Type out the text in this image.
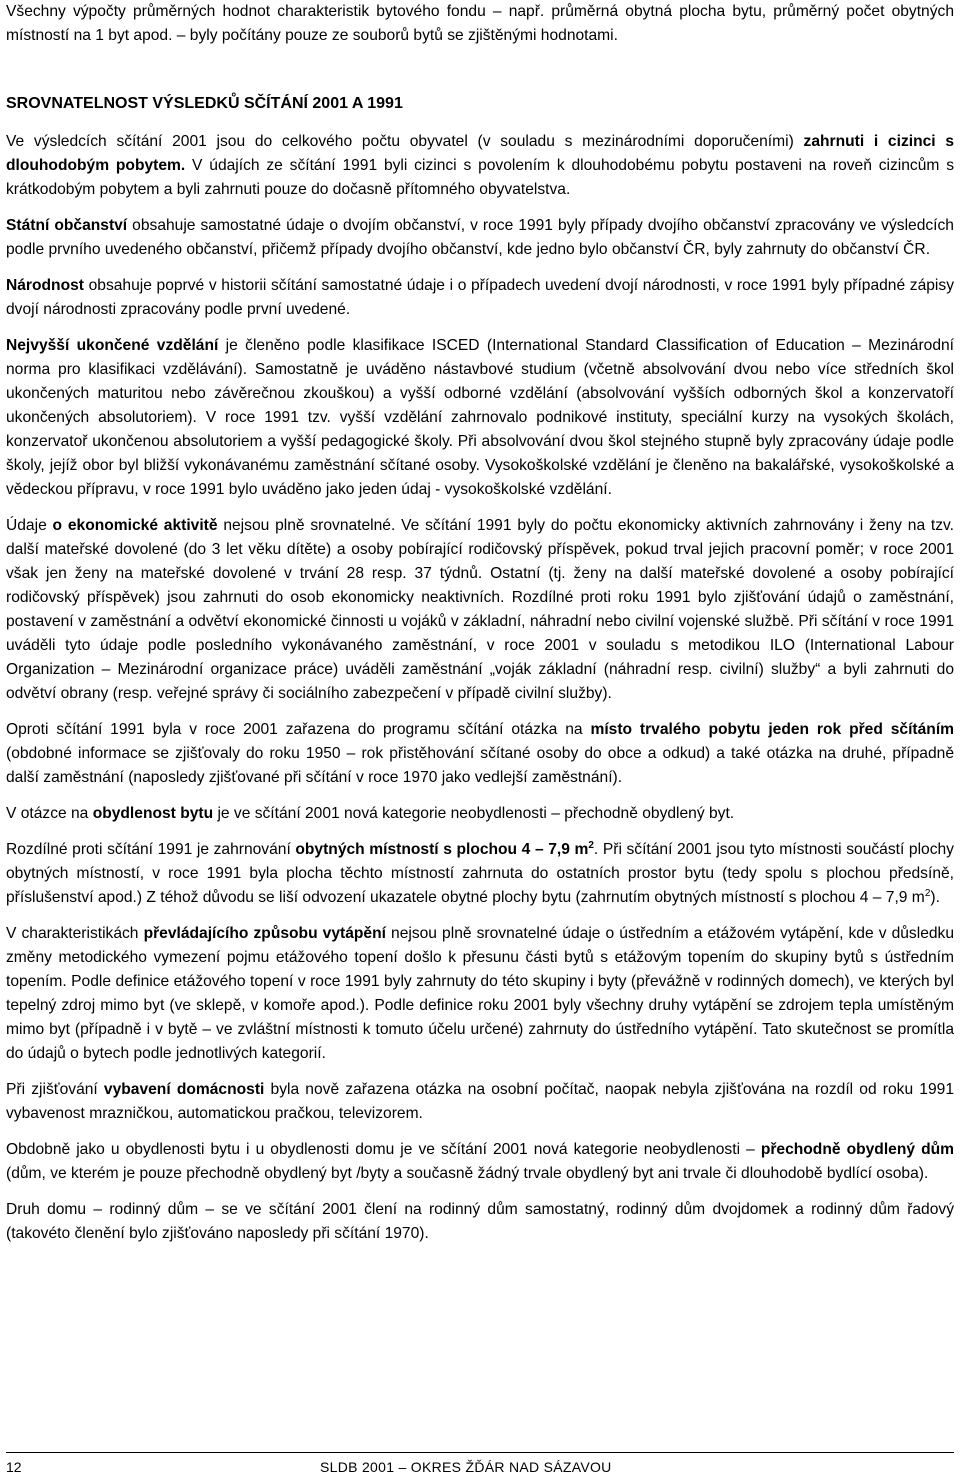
Všechny výpočty průměrných hodnot charakteristik bytového fondu – např. průměrná obytná plocha bytu, průměrný počet obytných místností na 1 byt apod. – byly počítány pouze ze souborů bytů se zjištěnými hodnotami.

SROVNATELNOST VÝSLEDKŮ SČÍTÁNÍ 2001 A 1991

Ve výsledcích sčítání 2001 jsou do celkového počtu obyvatel (v souladu s mezinárodními doporučeními) zahrnuti i cizinci s dlouhodobým pobytem. V údajích ze sčítání 1991 byli cizinci s povolením k dlouhodobému pobytu postaveni na roveň cizincům s krátkodobým pobytem a byli zahrnuti pouze do dočasně přítomného obyvatelstva.

Státní občanství obsahuje samostatné údaje o dvojím občanství, v roce 1991 byly případy dvojího občanství zpracovány ve výsledcích podle prvního uvedeného občanství, přičemž případy dvojího občanství, kde jedno bylo občanství ČR, byly zahrnuty do občanství ČR.

Národnost obsahuje poprvé v historii sčítání samostatné údaje i o případech uvedení dvojí národnosti, v roce 1991 byly případné zápisy dvojí národnosti zpracovány podle první uvedené.

Nejvyšší ukončené vzdělání je členěno podle klasifikace ISCED (International Standard Classification of Education – Mezinárodní norma pro klasifikaci vzdělávání). Samostatně je uváděno nástavbové studium (včetně absolvování dvou nebo více středních škol ukončených maturitou nebo závěrečnou zkouškou) a vyšší odborné vzdělání (absolvování vyšších odborných škol a konzervatoří ukončených absolutoriem). V roce 1991 tzv. vyšší vzdělání zahrnovalo podnikové instituty, speciální kurzy na vysokých školách, konzervatoř ukončenou absolutoriem a vyšší pedagogické školy. Při absolvování dvou škol stejného stupně byly zpracovány údaje podle školy, jejíž obor byl bližší vykonávanému zaměstnání sčítané osoby. Vysokoškolské vzdělání je členěno na bakalářské, vysokoškolské a vědeckou přípravu, v roce 1991 bylo uváděno jako jeden údaj - vysokoškolské vzdělání.

Údaje o ekonomické aktivitě nejsou plně srovnatelné. Ve sčítání 1991 byly do počtu ekonomicky aktivních zahrnovány i ženy na tzv. další mateřské dovolené (do 3 let věku dítěte) a osoby pobírající rodičovský příspěvek, pokud trval jejich pracovní poměr; v roce 2001 však jen ženy na mateřské dovolené v trvání 28 resp. 37 týdnů. Ostatní (tj. ženy na další mateřské dovolené a osoby pobírající rodičovský příspěvek) jsou zahrnuti do osob ekonomicky neaktivních. Rozdílné proti roku 1991 bylo zjišťování údajů o zaměstnání, postavení v zaměstnání a odvětví ekonomické činnosti u vojáků v základní, náhradní nebo civilní vojenské službě. Při sčítání v roce 1991 uváděli tyto údaje podle posledního vykonávaného zaměstnání, v roce 2001 v souladu s metodikou ILO (International Labour Organization – Mezinárodní organizace práce) uváděli zaměstnání „voják základní (náhradní resp. civilní) služby“ a byli zahrnuti do odvětví obrany (resp. veřejné správy či sociálního zabezpečení v případě civilní služby).

Oproti sčítání 1991 byla v roce 2001 zařazena do programu sčítání otázka na místo trvalého pobytu jeden rok před sčítáním (obdobné informace se zjišťovaly do roku 1950 – rok přistěhování sčítané osoby do obce a odkud) a také otázka na druhé, případně další zaměstnání (naposledy zjišťované při sčítání v roce 1970 jako vedlejší zaměstnání).

V otázce na obydlenost bytu je ve sčítání 2001 nová kategorie neobydlenosti – přechodně obydlený byt.

Rozdílné proti sčítání 1991 je zahrnování obytných místností s plochou 4 – 7,9 $m^2$. Při sčítání 2001 jsou tyto místnosti součástí plochy obytných místností, v roce 1991 byla plocha těchto místností zahrnuta do ostatních prostor bytu (tedy spolu s plochou předsíně, příslušenství apod.) Z téhož důvodu se liší odvození ukazatele obytné plochy bytu (zahrnutím obytných místností s plochou 4 – 7,9 $m^2$).

V charakteristikách převládajícího způsobu vytápění nejsou plně srovnatelné údaje o ústředním a etážovém vytápění, kde v důsledku změny metodického vymezení pojmu etážového topení došlo k přesunu části bytů s etážovým topením do skupiny bytů s ústředním topením. Podle definice etážového topení v roce 1991 byly zahrnuty do této skupiny i byty (převážně v rodinných domech), ve kterých byl tepelný zdroj mimo byt (ve sklepě, v komoře apod.). Podle definice roku 2001 byly všechny druhy vytápění se zdrojem tepla umístěným mimo byt (případně i v bytě – ve zvláštní místnosti k tomuto účelu určené) zahrnuty do ústředního vytápění. Tato skutečnost se promítla do údajů o bytech podle jednotlivých kategorií.

Při zjišťování vybavení domácnosti byla nově zařazena otázka na osobní počítač, naopak nebyla zjišťována na rozdíl od roku 1991 vybavenost mrazničkou, automatickou pračkou, televizorem.

Obdobně jako u obydlenosti bytu i u obydlenosti domu je ve sčítání 2001 nová kategorie neobydlenosti – přechodně obydlený dům (dům, ve kterém je pouze přechodně obydlený byt /byty a současně žádný trvale obydlený byt ani trvale či dlouhodobě bydlící osoba).

Druh domu – rodinný dům – se ve sčítání 2001 člení na rodinný dům samostatný, rodinný dům dvojdomek a rodinný dům řadový (takovéto členění bylo zjišťováno naposledy při sčítání 1970).

12	SLDB 2001 – OKRES ŽĎÁR NAD SÁZAVOU
